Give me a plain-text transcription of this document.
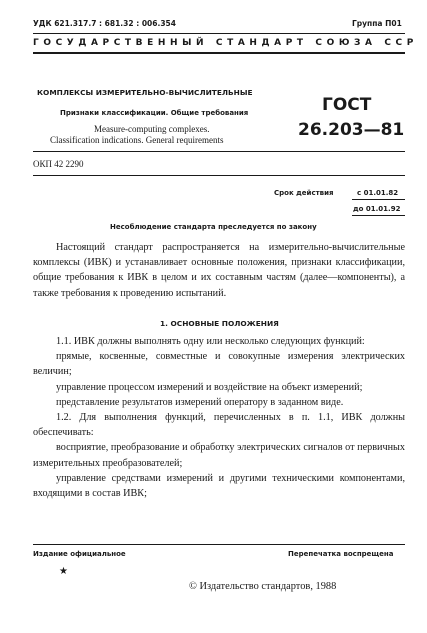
УДК 621.317.7 : 681.32 : 006.354	Группа П01
ГОСУДАРСТВЕННЫЙ СТАНДАРТ СОЮЗА ССР
КОМПЛЕКСЫ ИЗМЕРИТЕЛЬНО-ВЫЧИСЛИТЕЛЬНЫЕ
Признаки классификации. Общие требования
Measure-computing complexes.
Classification indications. General requirements
ГОСТ
26.203—81
ОКП 42 2290
Срок действия	с 01.01.82
до 01.01.92
Несоблюдение стандарта преследуется по закону
Настоящий стандарт распространяется на измерительно-вычислительные комплексы (ИВК) и устанавливает основные положения, признаки классификации, общие требования к ИВК в целом и их составным частям (далее—компоненты), а также требования к проведению испытаний.
1. ОСНОВНЫЕ ПОЛОЖЕНИЯ
1.1. ИВК должны выполнять одну или несколько следующих функций:
прямые, косвенные, совместные и совокупные измерения электрических величин;
управление процессом измерений и воздействие на объект измерений;
представление результатов измерений оператору в заданном виде.
1.2. Для выполнения функций, перечисленных в п. 1.1, ИВК должны обеспечивать:
восприятие, преобразование и обработку электрических сигналов от первичных измерительных преобразователей;
управление средствами измерений и другими техническими компонентами, входящими в состав ИВК;
Издание официальное	Перепечатка воспрещена
★
© Издательство стандартов, 1988
